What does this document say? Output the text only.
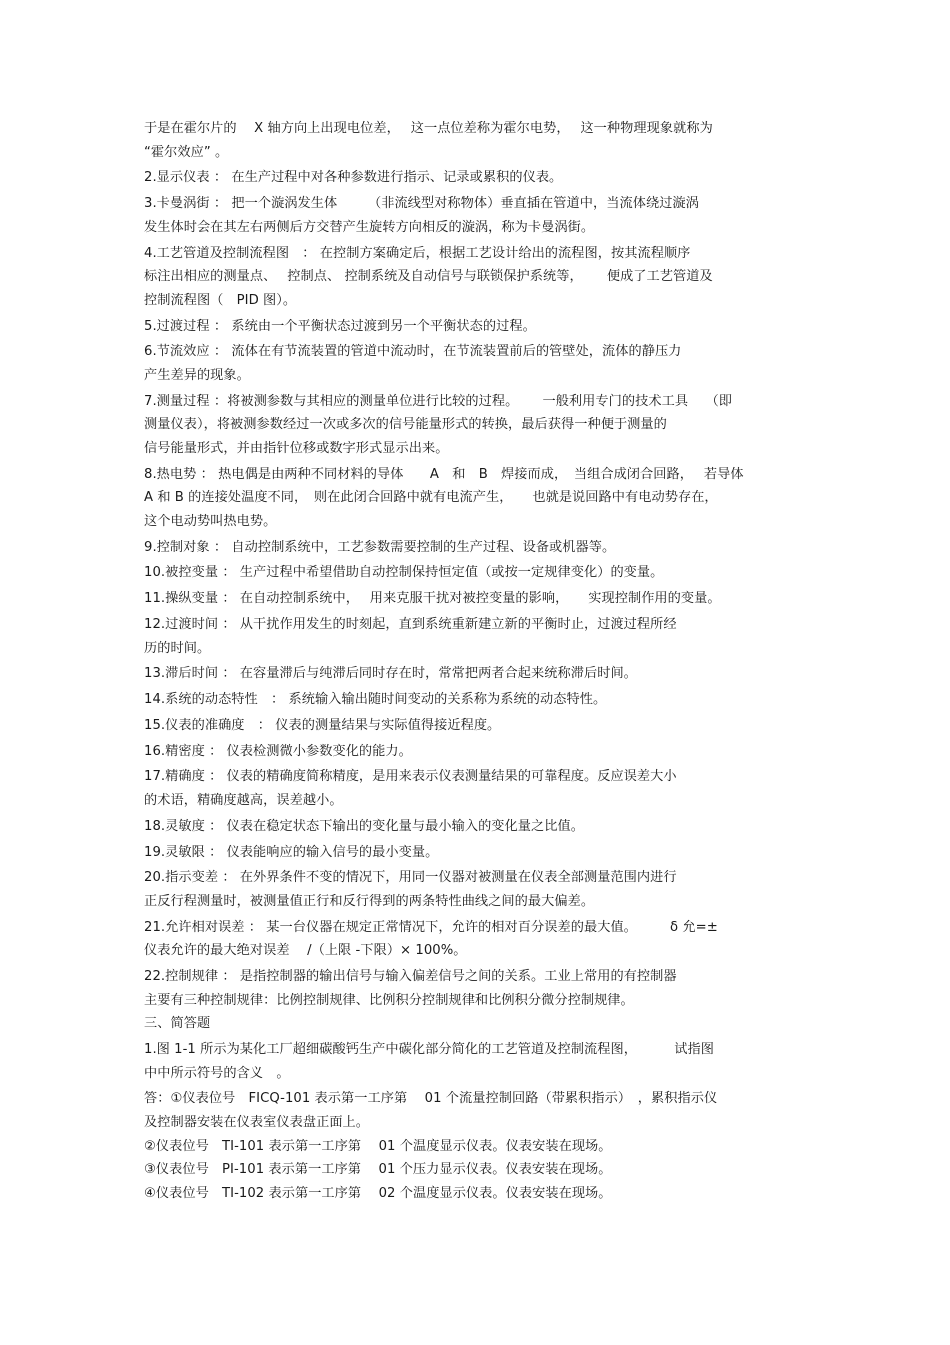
于是在霍尔片的　 X 轴方向上出现电位差，　 这一点位差称为霍尔电势，　 这一种物理现象就称为
“霍尔效应” 。
2.显示仪表 ： 在生产过程中对各种参数进行指示、记录或累积的仪表。
3.卡曼涡街 ： 把一个漩涡发生体　　 （非流线型对称物体）垂直插在管道中，当流体绕过漩涡
发生体时会在其左右两侧后方交替产生旋转方向相反的漩涡，称为卡曼涡街。
4.工艺管道及控制流程图　： 在控制方案确定后，根据工艺设计给出的流程图，按其流程顺序
标注出相应的测量点、　 控制点、 控制系统及自动信号与联锁保护系统等，　　 便成了工艺管道及
控制流程图（　PID 图）。
5.过渡过程 ： 系统由一个平衡状态过渡到另一个平衡状态的过程。
6.节流效应 ： 流体在有节流装置的管道中流动时，在节流装置前后的管壁处，流体的静压力
产生差异的现象。
7.测量过程 ：将被测参数与其相应的测量单位进行比较的过程。　　 一般利用专门的技术工具　 （即
测量仪表），将被测参数经过一次或多次的信号能量形式的转换，最后获得一种便于测量的
信号能量形式，并由指针位移或数字形式显示出来。
8.热电势 ： 热电偶是由两种不同材料的导体　　A　和　B　焊接而成，　当组合成闭合回路，　 若导体
A 和 B 的连接处温度不同，　则在此闭合回路中就有电流产生，　　也就是说回路中有电动势存在，
这个电动势叫热电势。
9.控制对象 ： 自动控制系统中，工艺参数需要控制的生产过程、设备或机器等。
10.被控变量 ： 生产过程中希望借助自动控制保持恒定值（或按一定规律变化）的变量。
11.操纵变量 ： 在自动控制系统中，　 用来克服干扰对被控变量的影响，　　实现控制作用的变量。
12.过渡时间 ： 从干扰作用发生的时刻起，直到系统重新建立新的平衡时止，过渡过程所经
历的时间。
13.滞后时间 ： 在容量滞后与纯滞后同时存在时，常常把两者合起来统称滞后时间。
14.系统的动态特性　： 系统输入输出随时间变动的关系称为系统的动态特性。
15.仪表的准确度　： 仪表的测量结果与实际值得接近程度。
16.精密度 ： 仪表检测微小参数变化的能力。
17.精确度 ： 仪表的精确度简称精度，是用来表示仪表测量结果的可靠程度。反应误差大小
的术语，精确度越高，误差越小。
18.灵敏度 ： 仪表在稳定状态下输出的变化量与最小输入的变化量之比值。
19.灵敏限 ： 仪表能响应的输入信号的最小变量。
20.指示变差 ： 在外界条件不变的情况下，用同一仪器对被测量在仪表全部测量范围内进行
正反行程测量时，被测量值正行和反行得到的两条特性曲线之间的最大偏差。
21.允许相对误差 ： 某一台仪器在规定正常情况下，允许的相对百分误差的最大值。　　　δ 允=±
仪表允许的最大绝对误差　 /（上限 -下限）× 100%。
22.控制规律 ： 是指控制器的输出信号与输入偏差信号之间的关系。工业上常用的有控制器
主要有三种控制规律：比例控制规律、比例积分控制规律和比例积分微分控制规律。
三、简答题
1.图 1-1 所示为某化工厂超细碳酸钙生产中碳化部分简化的工艺管道及控制流程图，　　　 试指图
中中所示符号的含义　。
答：①仪表位号　FICQ-101 表示第一工序第　 01 个流量控制回路（带累积指示）　，累积指示仪
及控制器安装在仪表室仪表盘正面上。
②仪表位号　TI-101 表示第一工序第　 01 个温度显示仪表。仪表安装在现场。
③仪表位号　PI-101 表示第一工序第　 01 个压力显示仪表。仪表安装在现场。
④仪表位号　TI-102 表示第一工序第　 02 个温度显示仪表。仪表安装在现场。
